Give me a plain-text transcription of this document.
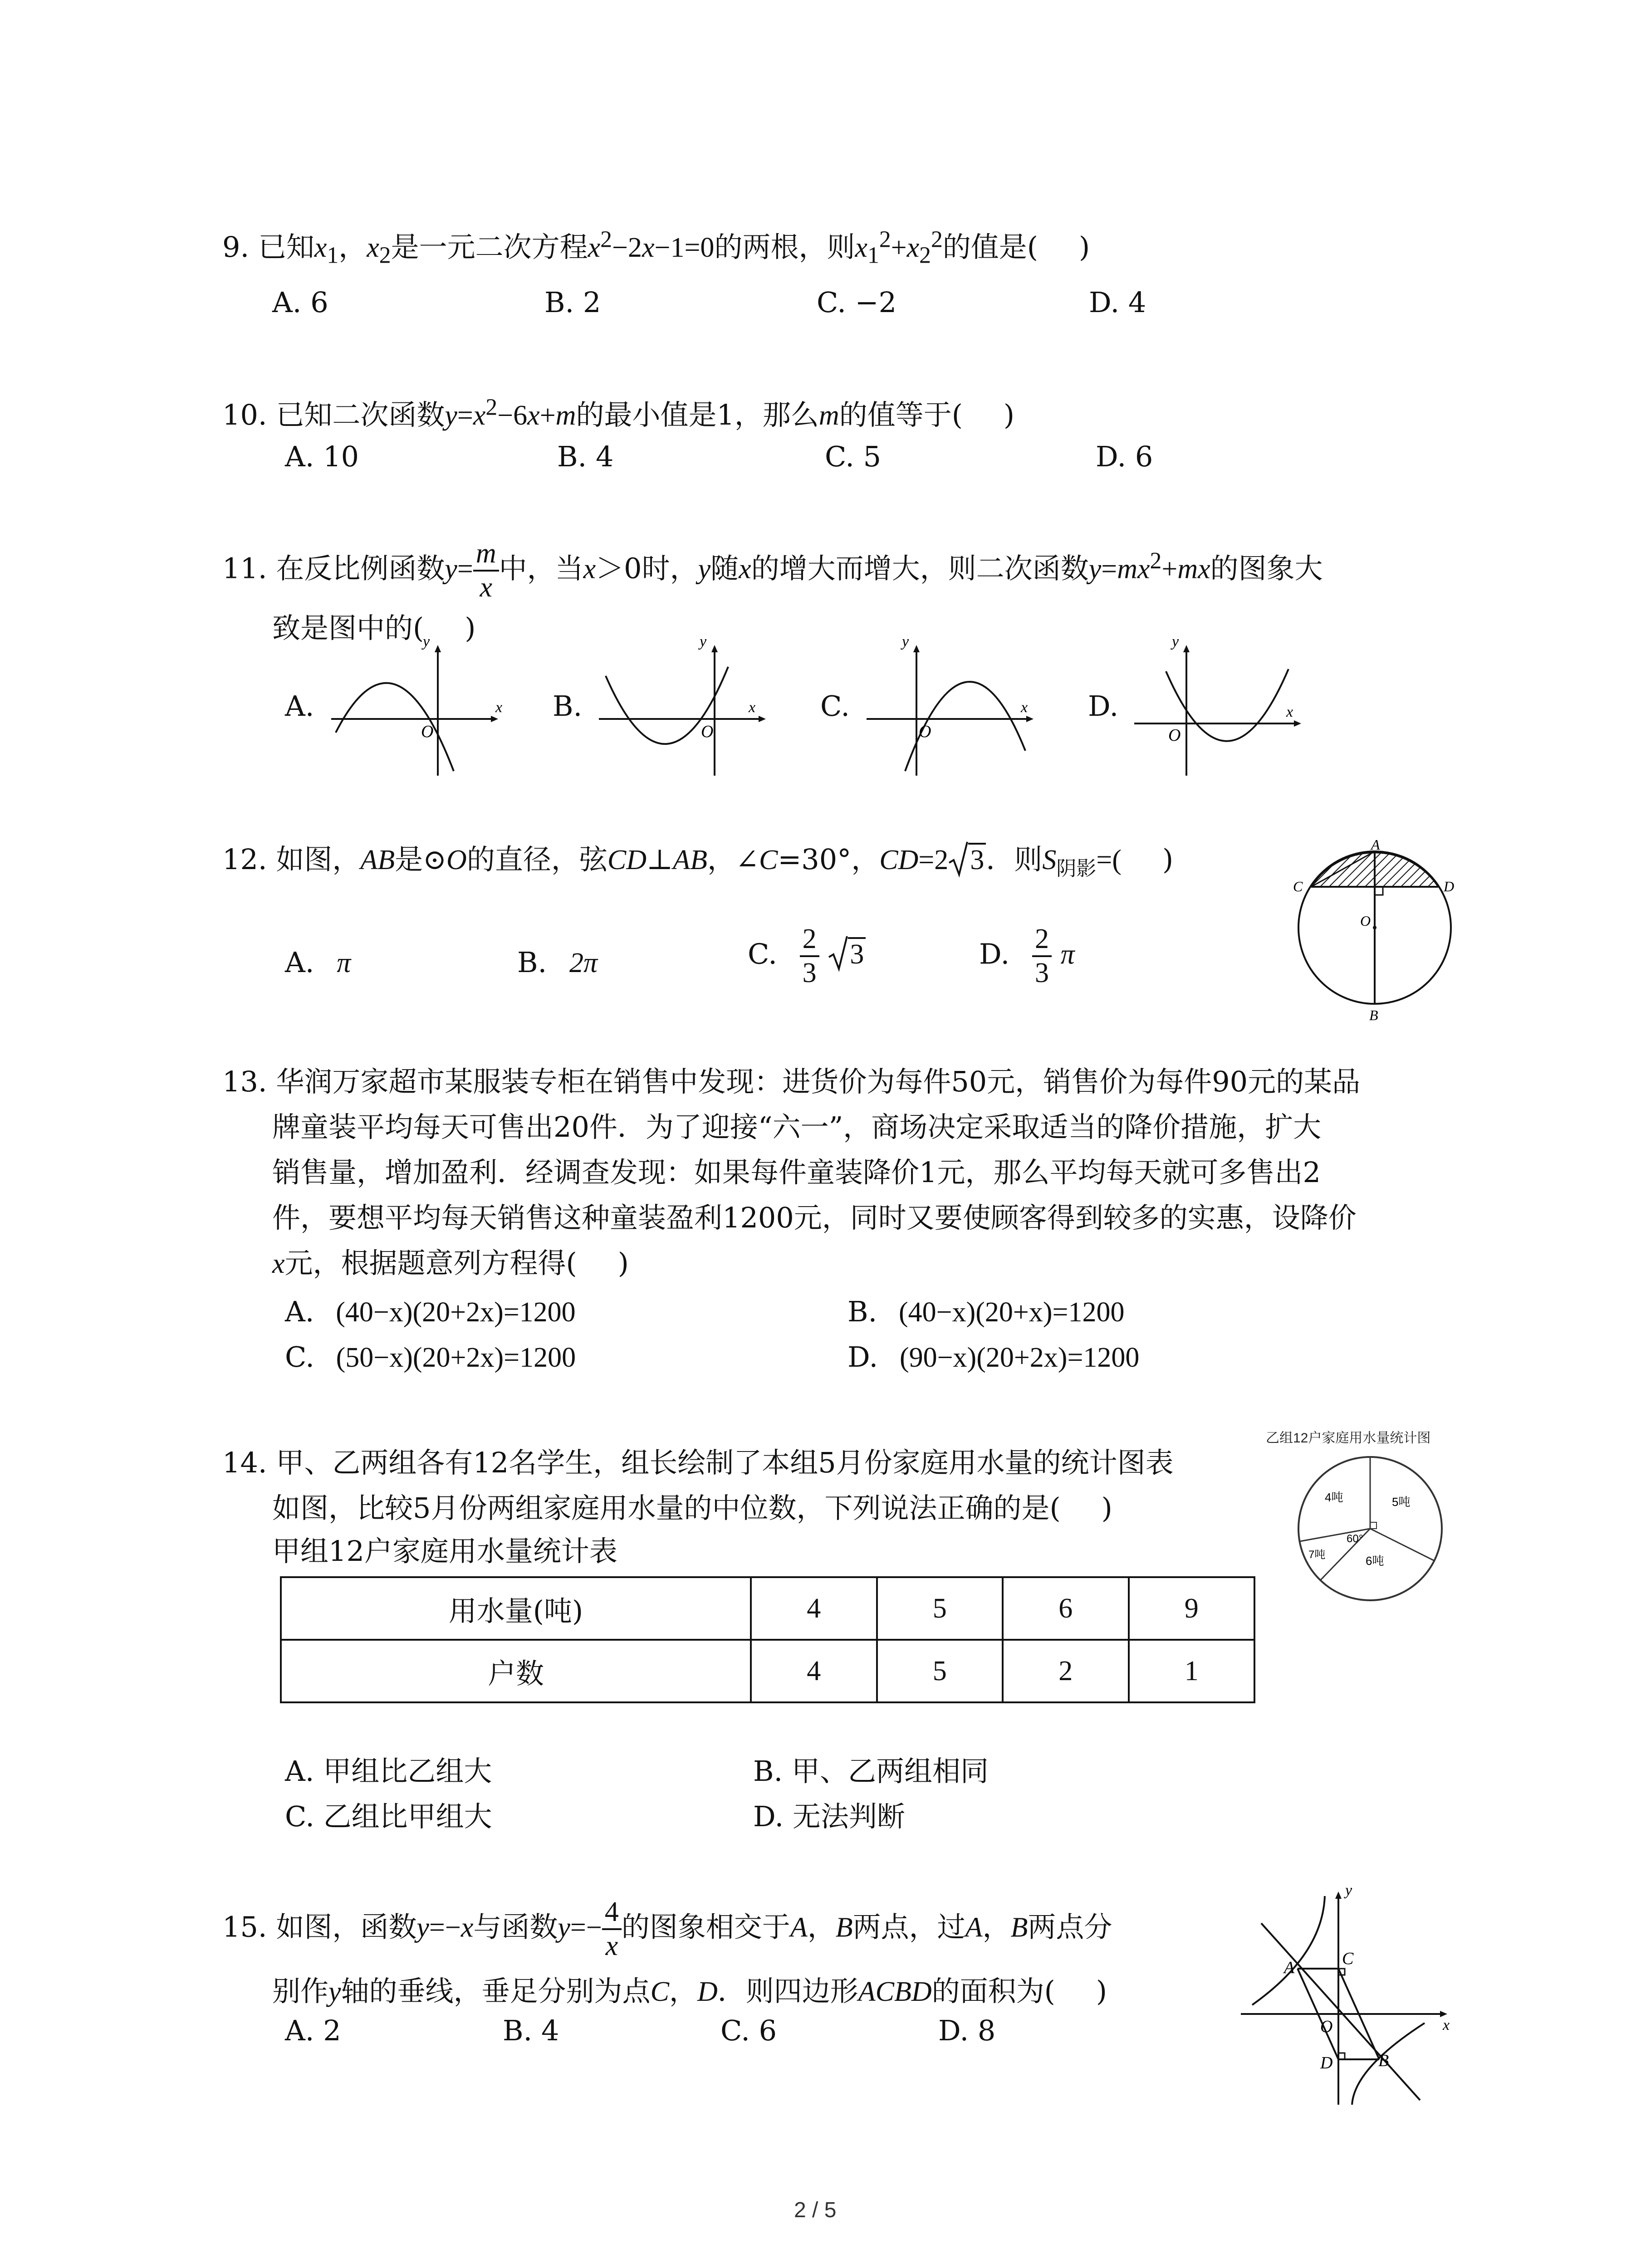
9. 已知$x_1$，$x_2$是一元二次方程$x^2-2x-1=0$的两根，则$x_1^2+x_2^2$的值是( )
A. 6	B. 2	C. −2	D. 4
10. 已知二次函数$y=x^2-6x+m$的最小值是1，那么m的值等于( )
A. 10	B. 4	C. 5	D. 6
11. 在反比例函数$y= \frac{m}{x}$ 中，当x＞0时，y随x的增大而增大，则二次函数$y=mx^2+mx$的图象大
致是图中的( )
A.	B.	C.	D.
x
y
O
x
y
O
x
y
O
x
y
O
12. 如图，AB是⊙O的直径，弦CD⊥AB，∠C=30°，CD=2 3．则$S_{阴影}=$( )
A. π	B. 2π	C. $\frac{2}{3}$
3	D. $\frac{2}{3}$ π
A
C	D
O
B
13. 华润万家超市某服装专柜在销售中发现：进货价为每件50元，销售价为每件90元的某品
牌童装平均每天可售出20件．为了迎接“六一”，商场决定采取适当的降价措施，扩大
销售量，增加盈利．经调查发现：如果每件童装降价1元，那么平均每天就可多售出2
件，要想平均每天销售这种童装盈利1200元，同时又要使顾客得到较多的实惠，设降价
x元，根据题意列方程得( )
A. (40−x)(20+2x)=1200	B. (40−x)(20+x)=1200
C. (50−x)(20+2x)=1200	D. (90−x)(20+2x)=1200
14. 甲、乙两组各有12名学生，组长绘制了本组5月份家庭用水量的统计图表
如图，比较5月份两组家庭用水量的中位数，下列说法正确的是( )
甲组12户家庭用水量统计表
用水量(吨)	4	5	6	9
户数	4	5	2	1
乙组12户家庭用水量统计图
4吨	5吨
60°
7吨	6吨
A. 甲组比乙组大	B. 甲、乙两组相同
C. 乙组比甲组大	D. 无法判断
15. 如图，函数y=−x与函数$y=- \frac{4}{x}$ 的图象相交于A，B两点，过A，B两点分
别作y轴的垂线，垂足分别为点C，D．则四边形ACBD的面积为( )
A. 2	B. 4	C. 6	D. 8
y
x
A	C
O
D	B
2 / 5
